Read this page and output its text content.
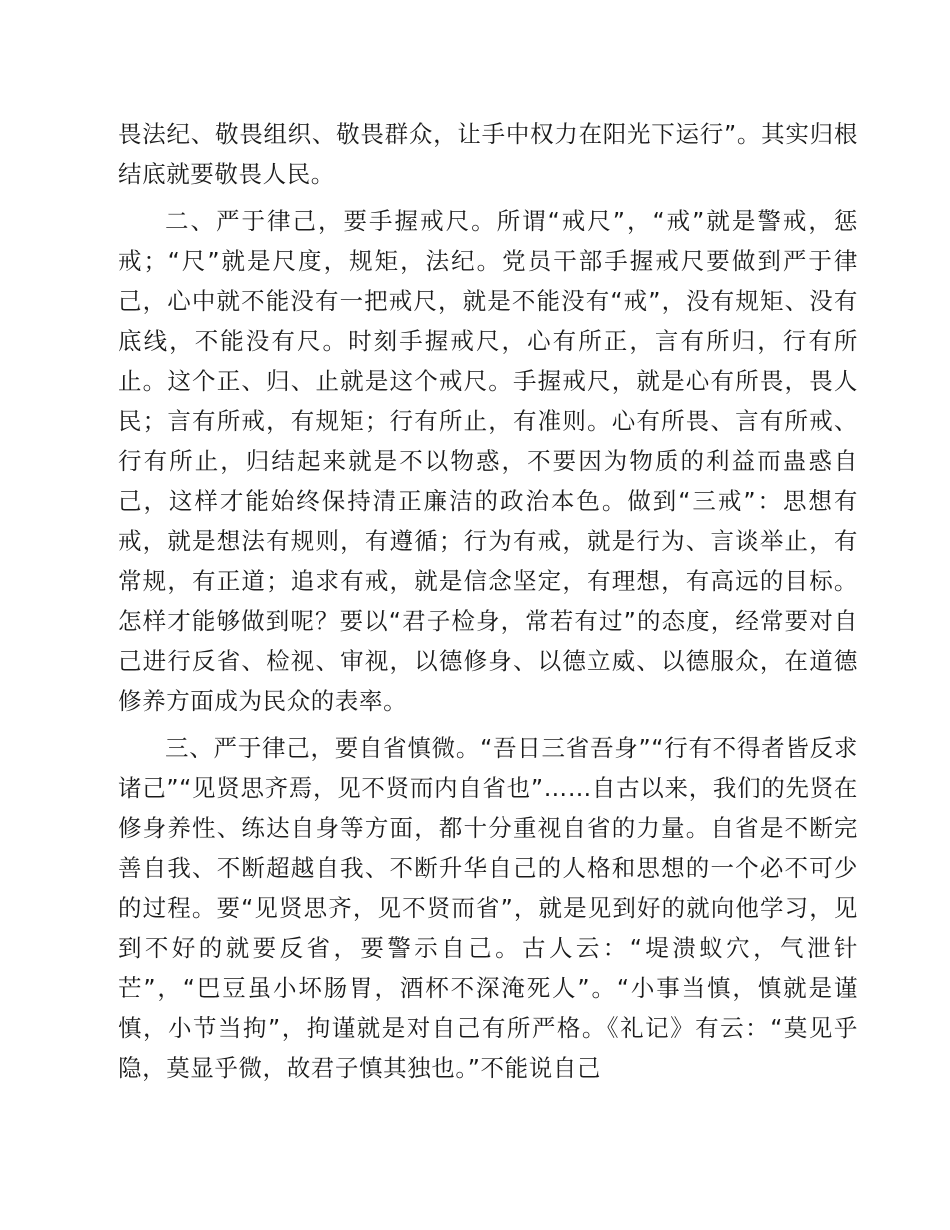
畏法纪、敬畏组织、敬畏群众，让手中权力在阳光下运行”。其实归根结底就要敬畏人民。

二、严于律己，要手握戒尺。所谓“戒尺”，“戒”就是警戒，惩戒；“尺”就是尺度，规矩，法纪。党员干部手握戒尺要做到严于律己，心中就不能没有一把戒尺，就是不能没有“戒”，没有规矩、没有底线，不能没有尺。时刻手握戒尺，心有所正，言有所归，行有所止。这个正、归、止就是这个戒尺。手握戒尺，就是心有所畏，畏人民；言有所戒，有规矩；行有所止，有准则。心有所畏、言有所戒、行有所止，归结起来就是不以物惑，不要因为物质的利益而蛊惑自己，这样才能始终保持清正廉洁的政治本色。做到“三戒”：思想有戒，就是想法有规则，有遵循；行为有戒，就是行为、言谈举止，有常规，有正道；追求有戒，就是信念坚定，有理想，有高远的目标。怎样才能够做到呢？要以“君子检身，常若有过”的态度，经常要对自己进行反省、检视、审视，以德修身、以德立威、以德服众，在道德修养方面成为民众的表率。

三、严于律己，要自省慎微。“吾日三省吾身”“行有不得者皆反求诸己”“见贤思齐焉，见不贤而内自省也”……自古以来，我们的先贤在修身养性、练达自身等方面，都十分重视自省的力量。自省是不断完善自我、不断超越自我、不断升华自己的人格和思想的一个必不可少的过程。要“见贤思齐，见不贤而省”，就是见到好的就向他学习，见到不好的就要反省，要警示自己。古人云：“堤溃蚁穴，气泄针芒”，“巴豆虽小坏肠胃，酒杯不深淹死人”。“小事当慎，慎就是谨慎，小节当拘”，拘谨就是对自己有所严格。《礼记》有云：“莫见乎隐，莫显乎微，故君子慎其独也。”不能说自己
